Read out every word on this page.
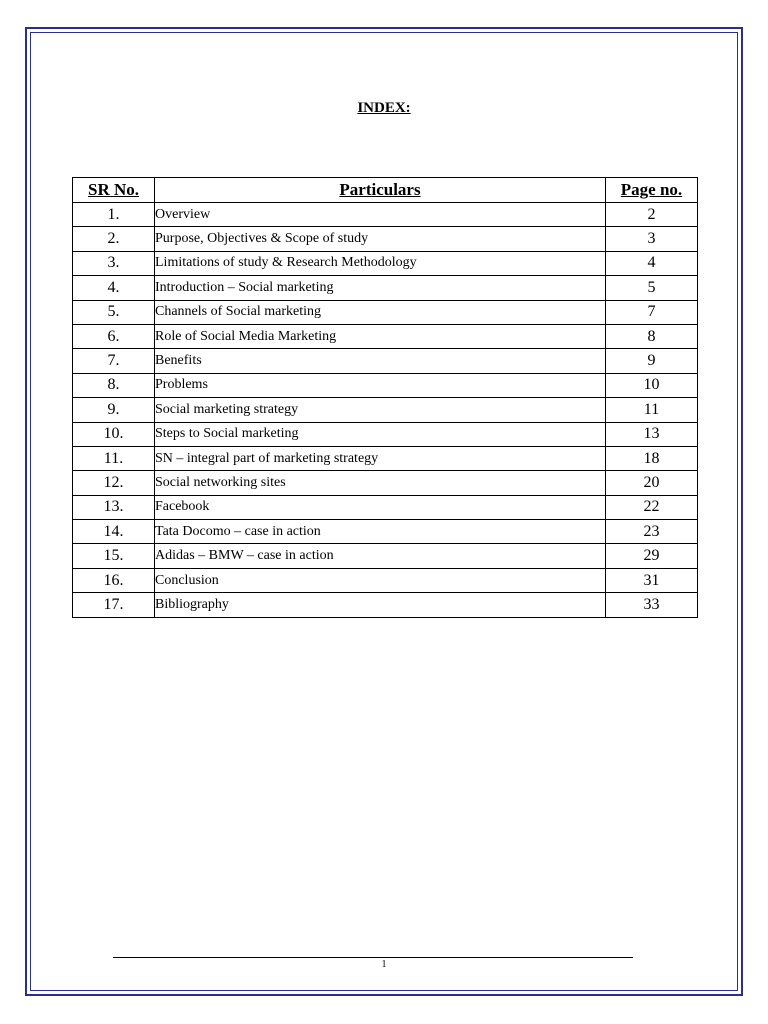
INDEX:
SR No.	Particulars	Page no.
1.	Overview	2
2.	Purpose, Objectives & Scope of study	3
3.	Limitations of study & Research Methodology	4
4.	Introduction – Social marketing	5
5.	Channels of Social marketing	7
6.	Role of Social Media Marketing	8
7.	Benefits	9
8.	Problems	10
9.	Social marketing strategy	11
10.	Steps to Social marketing	13
11.	SN – integral part of marketing strategy	18
12.	Social networking sites	20
13.	Facebook	22
14.	Tata Docomo – case in action	23
15.	Adidas – BMW – case in action	29
16.	Conclusion	31
17.	Bibliography	33
1
